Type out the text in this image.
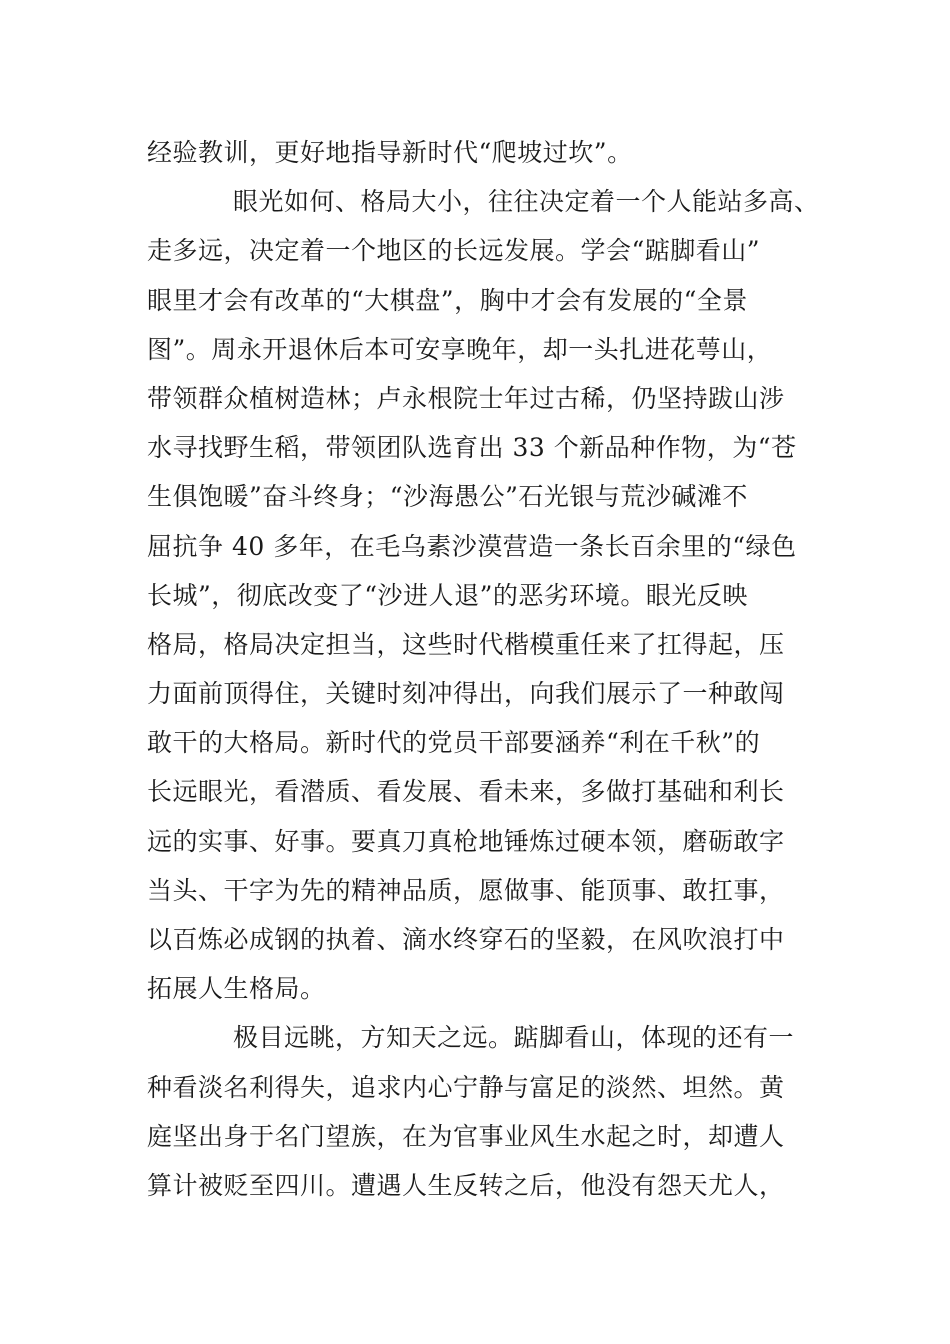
经验教训，更好地指导新时代“爬坡过坎”。
眼光如何、格局大小，往往决定着一个人能站多高、
走多远，决定着一个地区的长远发展。学会“踮脚看山”
眼里才会有改革的“大棋盘”，胸中才会有发展的“全景
图”。周永开退休后本可安享晚年，却一头扎进花萼山，
带领群众植树造林；卢永根院士年过古稀，仍坚持跋山涉
水寻找野生稻，带领团队选育出 33 个新品种作物，为“苍
生俱饱暖”奋斗终身；“沙海愚公”石光银与荒沙碱滩不
屈抗争 40 多年，在毛乌素沙漠营造一条长百余里的“绿色
长城”，彻底改变了“沙进人退”的恶劣环境。眼光反映
格局，格局决定担当，这些时代楷模重任来了扛得起，压
力面前顶得住，关键时刻冲得出，向我们展示了一种敢闯
敢干的大格局。新时代的党员干部要涵养“利在千秋”的
长远眼光，看潜质、看发展、看未来，多做打基础和利长
远的实事、好事。要真刀真枪地锤炼过硬本领，磨砺敢字
当头、干字为先的精神品质，愿做事、能顶事、敢扛事，
以百炼必成钢的执着、滴水终穿石的坚毅，在风吹浪打中
拓展人生格局。
极目远眺，方知天之远。踮脚看山，体现的还有一
种看淡名利得失，追求内心宁静与富足的淡然、坦然。黄
庭坚出身于名门望族，在为官事业风生水起之时，却遭人
算计被贬至四川。遭遇人生反转之后，他没有怨天尤人，
